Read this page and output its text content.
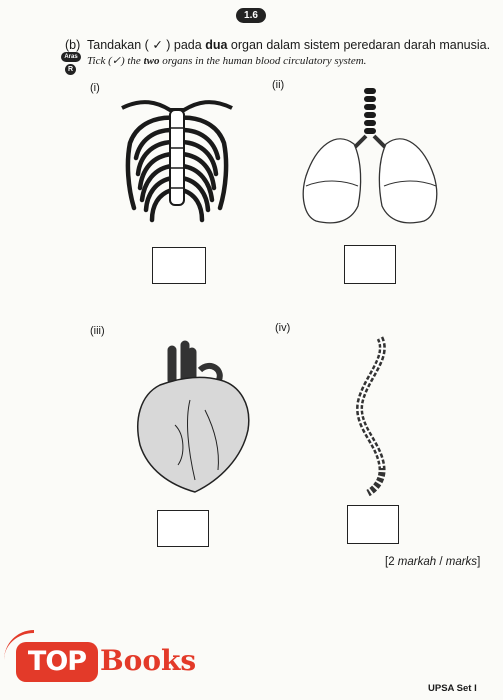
1.6
(b) Tandakan ( ✓ ) pada dua organ dalam sistem peredaran darah manusia.
Aras
R
Tick (✓) the two organs in the human blood circulatory system.
(i)	(ii)
(iii)	(iv)
[2 markah / marks]
TOP Books
UPSA Set I
